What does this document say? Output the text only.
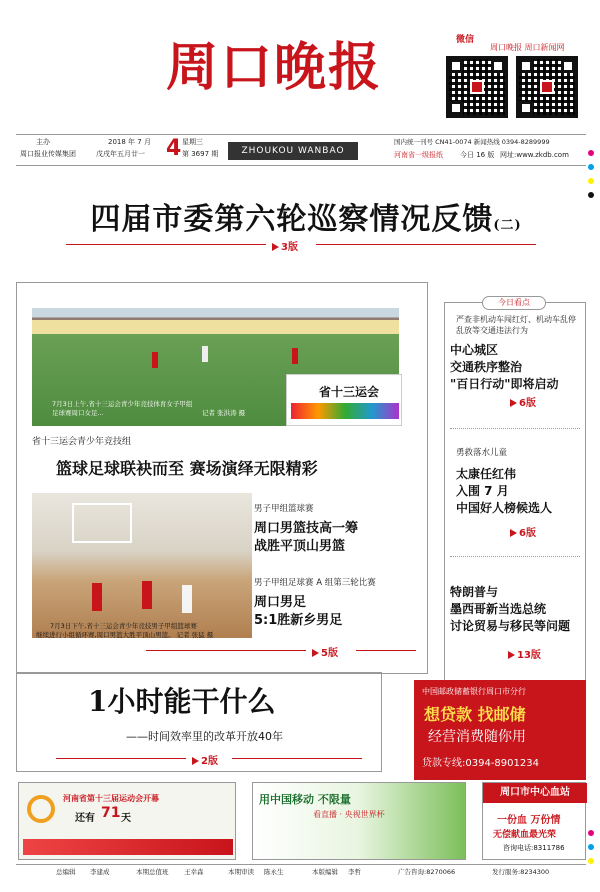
周口晚报	微信
周口晚报 周口新闻网
主办
周口报业传媒集团
2018 年 7 月
戊戌年五月廿一 4 星期三
第 3697 期	ZHOUKOU WANBAO
国内统一刊号 CN41-0074 新闻热线 0394-8289999
河南省一级报纸 今日 16 版 网址:www.zkdb.com
四届市委第六轮巡察情况反馈(二)
3版
7月3日上午,省十三运会青少年竞技体育女子甲组
足球赛周口女足...	记者 张洪涛 摄
省十三运会
省十三运会青少年竞技组
篮球足球联袂而至 赛场演绎无限精彩
7月3日下午,省十三运会青少年竞技男子甲组篮球赛
继续进行小组循环赛,周口男篮大胜平顶山男篮。 记者 张猛 摄
男子甲组篮球赛
周口男篮技高一筹
战胜平顶山男篮
男子甲组足球赛 A 组第三轮比赛
周口男足
5:1胜新乡男足
5版
今日看点
严查非机动车闯红灯、机动车乱停乱放等交通违法行为
中心城区
交通秩序整治
"百日行动"即将启动
6版
勇救落水儿童
太康任红伟
入围 7 月
中国好人榜候选人
6版
特朗普与
墨西哥新当选总统
讨论贸易与移民等问题
13版
1小时能干什么
——时间效率里的改革开放40年
2版
中国邮政储蓄银行周口市分行
想贷款 找邮储
经营消费随你用
贷款专线:0394-8901234
河南省第十三届运动会开幕
还有 71 天
用中国移动 不限量
看直播 · 央视世界杯
周口市中心血站
一份血 万份情
无偿献血最光荣
咨询电话:8311786
总编辑 李建成	本期总值班 王幸森	本期审读 陈永生	本版编辑 李哲	广告咨询:8270066	发行服务:8234300
